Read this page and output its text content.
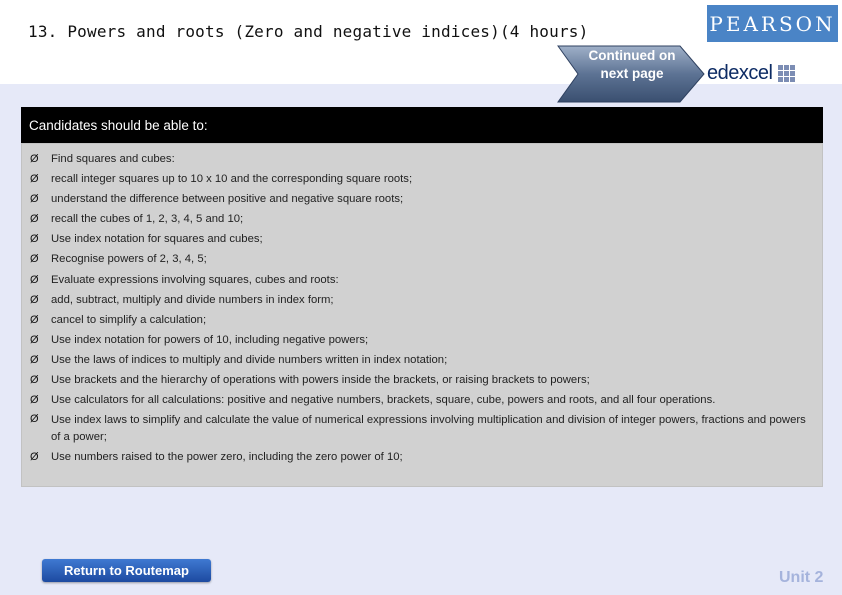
13. Powers and roots (Zero and negative indices)(4 hours)	PEARSON
Continued on next page	edexcel
Candidates should be able to:
Ø Find squares and cubes:
Ø recall integer squares up to 10 x 10 and the corresponding square roots;
Ø understand the difference between positive and negative square roots;
Ø recall the cubes of 1, 2, 3, 4, 5 and 10;
Ø Use index notation for squares and cubes;
Ø Recognise powers of 2, 3, 4, 5;
Ø Evaluate expressions involving squares, cubes and roots:
Ø add, subtract, multiply and divide numbers in index form;
Ø cancel to simplify a calculation;
Ø Use index notation for powers of 10, including negative powers;
Ø Use the laws of indices to multiply and divide numbers written in index notation;
Ø Use brackets and the hierarchy of operations with powers inside the brackets, or raising brackets to powers;
Ø Use calculators for all calculations: positive and negative numbers, brackets, square, cube, powers and roots, and all four operations.
Ø Use index laws to simplify and calculate the value of numerical expressions involving multiplication and division of integer powers, fractions and powers of a power;
Ø Use numbers raised to the power zero, including the zero power of 10;
Return to Routemap	Unit 2
